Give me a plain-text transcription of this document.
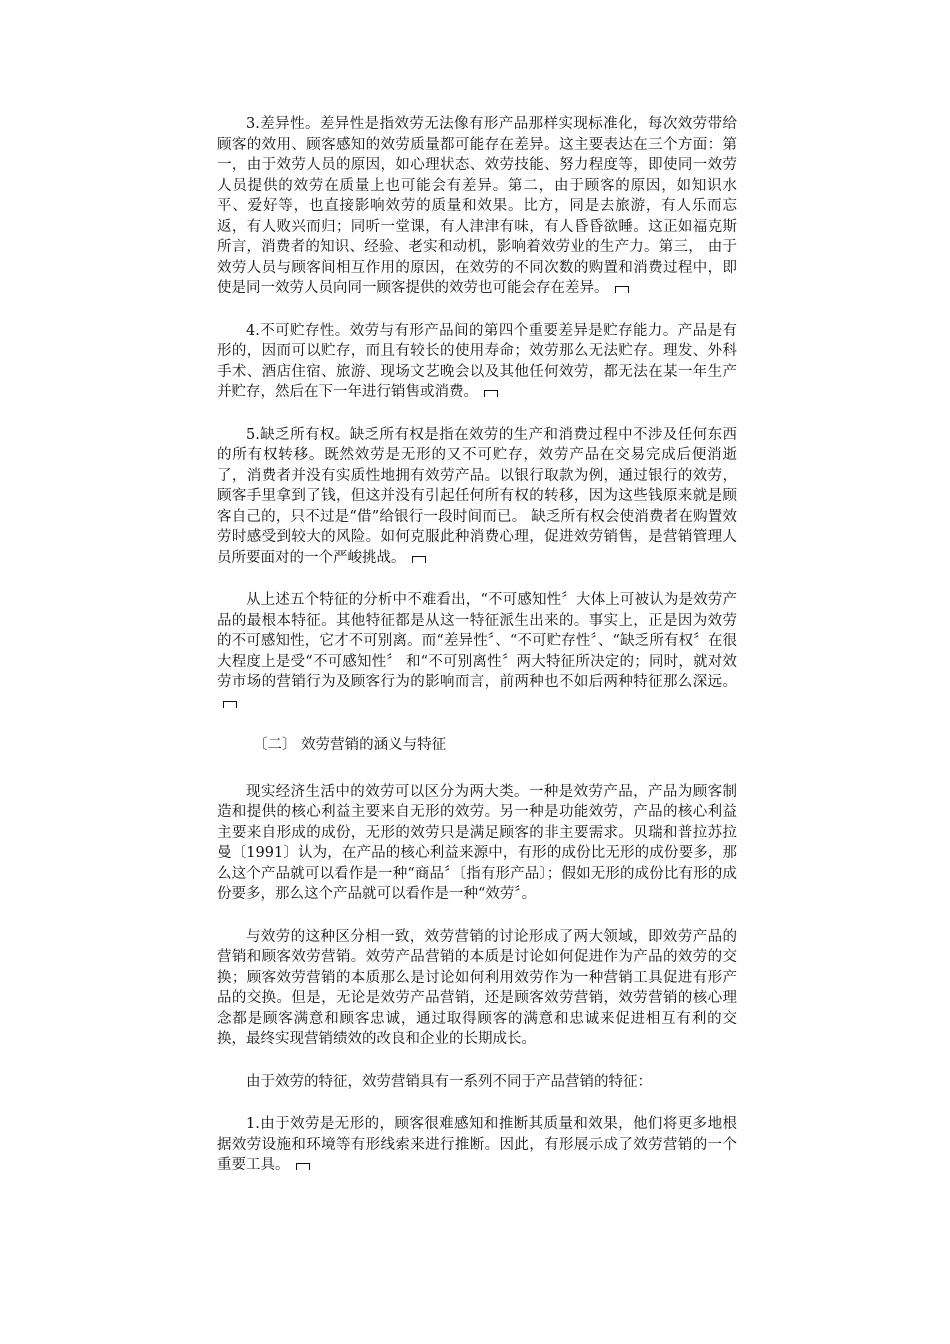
3.差异性。差异性是指效劳无法像有形产品那样实现标准化，每次效劳带给顾客的效用、顾客感知的效劳质量都可能存在差异。这主要表达在三个方面：第一，由于效劳人员的原因，如心理状态、效劳技能、努力程度等，即使同一效劳人员提供的效劳在质量上也可能会有差异。第二，由于顾客的原因，如知识水平、爱好等，也直接影响效劳的质量和效果。比方，同是去旅游，有人乐而忘返，有人败兴而归；同听一堂课，有人津津有味，有人昏昏欲睡。这正如福克斯所言，消费者的知识、经验、老实和动机，影响着效劳业的生产力。第三， 由于效劳人员与顾客间相互作用的原因，在效劳的不同次数的购置和消费过程中，即使是同一效劳人员向同一顾客提供的效劳也可能会存在差异。

4.不可贮存性。效劳与有形产品间的第四个重要差异是贮存能力。产品是有形的，因而可以贮存，而且有较长的使用寿命；效劳那么无法贮存。理发、外科手术、酒店住宿、旅游、现场文艺晚会以及其他任何效劳，都无法在某一年生产并贮存，然后在下一年进行销售或消费。

5.缺乏所有权。缺乏所有权是指在效劳的生产和消费过程中不涉及任何东西的所有权转移。既然效劳是无形的又不可贮存，效劳产品在交易完成后便消逝了，消费者并没有实质性地拥有效劳产品。以银行取款为例，通过银行的效劳，顾客手里拿到了钱，但这并没有引起任何所有权的转移，因为这些钱原来就是顾客自己的，只不过是“借”给银行一段时间而已。 缺乏所有权会使消费者在购置效劳时感受到较大的风险。如何克服此种消费心理，促进效劳销售，是营销管理人员所要面对的一个严峻挑战。

从上述五个特征的分析中不难看出，“不可感知性〞大体上可被认为是效劳产品的最根本特征。其他特征都是从这一特征派生出来的。事实上，正是因为效劳的不可感知性，它才不可别离。而“差异性〞、“不可贮存性〞、“缺乏所有权〞在很大程度上是受“不可感知性〞 和“不可别离性〞两大特征所决定的；同时，就对效劳市场的营销行为及顾客行为的影响而言，前两种也不如后两种特征那么深远。

〔二〕 效劳营销的涵义与特征

现实经济生活中的效劳可以区分为两大类。一种是效劳产品，产品为顾客制造和提供的核心利益主要来自无形的效劳。另一种是功能效劳，产品的核心利益主要来自形成的成份，无形的效劳只是满足顾客的非主要需求。贝瑞和普拉苏拉曼〔1991〕认为，在产品的核心利益来源中，有形的成份比无形的成份要多，那么这个产品就可以看作是一种“商品〞〔指有形产品〕；假如无形的成份比有形的成份要多，那么这个产品就可以看作是一种“效劳〞。

与效劳的这种区分相一致，效劳营销的讨论形成了两大领域，即效劳产品的营销和顾客效劳营销。效劳产品营销的本质是讨论如何促进作为产品的效劳的交换；顾客效劳营销的本质那么是讨论如何利用效劳作为一种营销工具促进有形产品的交换。但是，无论是效劳产品营销，还是顾客效劳营销，效劳营销的核心理念都是顾客满意和顾客忠诚，通过取得顾客的满意和忠诚来促进相互有利的交换，最终实现营销绩效的改良和企业的长期成长。

由于效劳的特征，效劳营销具有一系列不同于产品营销的特征：

1.由于效劳是无形的，顾客很难感知和推断其质量和效果，他们将更多地根据效劳设施和环境等有形线索来进行推断。因此，有形展示成了效劳营销的一个重要工具。
